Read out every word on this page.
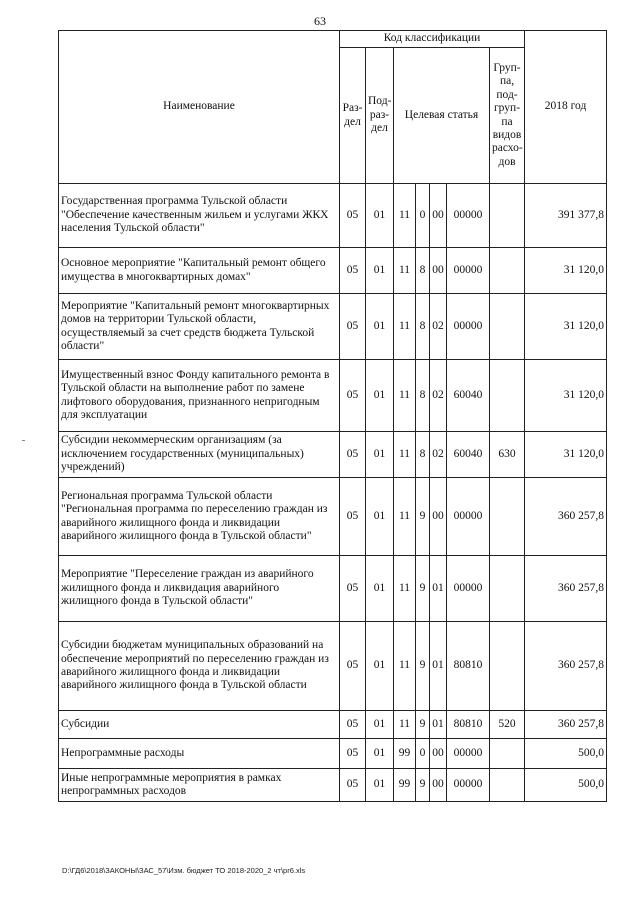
63
Наименование	Код классификации							2018 год
	Раз-дел	Под-раз-дел	Целевая статья				Груп-па, под-груп-па видов расхо-дов	
Государственная программа Тульской области "Обеспечение качественным жильем и услугами ЖКХ населения Тульской области"	05	01	11	0	00	00000		391 377,8
Основное мероприятие "Капитальный ремонт общего имущества в многоквартирных домах"	05	01	11	8	00	00000		31 120,0
Мероприятие "Капитальный ремонт многоквартирных домов на территории Тульской области, осуществляемый за счет средств бюджета Тульской области"	05	01	11	8	02	00000		31 120,0
Имущественный взнос Фонду капитального ремонта в Тульской области на выполнение работ по замене лифтового оборудования, признанного непригодным для эксплуатации	05	01	11	8	02	60040		31 120,0
Субсидии некоммерческим организациям (за исключением государственных (муниципальных) учреждений)	05	01	11	8	02	60040	630	31 120,0
Региональная программа Тульской области "Региональная программа по переселению граждан из аварийного жилищного фонда и ликвидации аварийного жилищного фонда в Тульской области"	05	01	11	9	00	00000		360 257,8
Мероприятие "Переселение граждан из аварийного жилищного фонда и ликвидация аварийного жилищного фонда в Тульской области"	05	01	11	9	01	00000		360 257,8
Субсидии бюджетам муниципальных образований на обеспечение мероприятий по переселению граждан из аварийного жилищного фонда и ликвидации аварийного жилищного фонда в Тульской области	05	01	11	9	01	80810		360 257,8
Субсидии	05	01	11	9	01	80810	520	360 257,8
Непрограммные расходы	05	01	99	0	00	00000		500,0
Иные непрограммные мероприятия в рамках непрограммных расходов	05	01	99	9	00	00000		500,0
D:\ГД6\2018\ЗАКОНЫ\ЗАС_57\Изм. бюджет ТО 2018-2020_2 чт\pr6.xls
